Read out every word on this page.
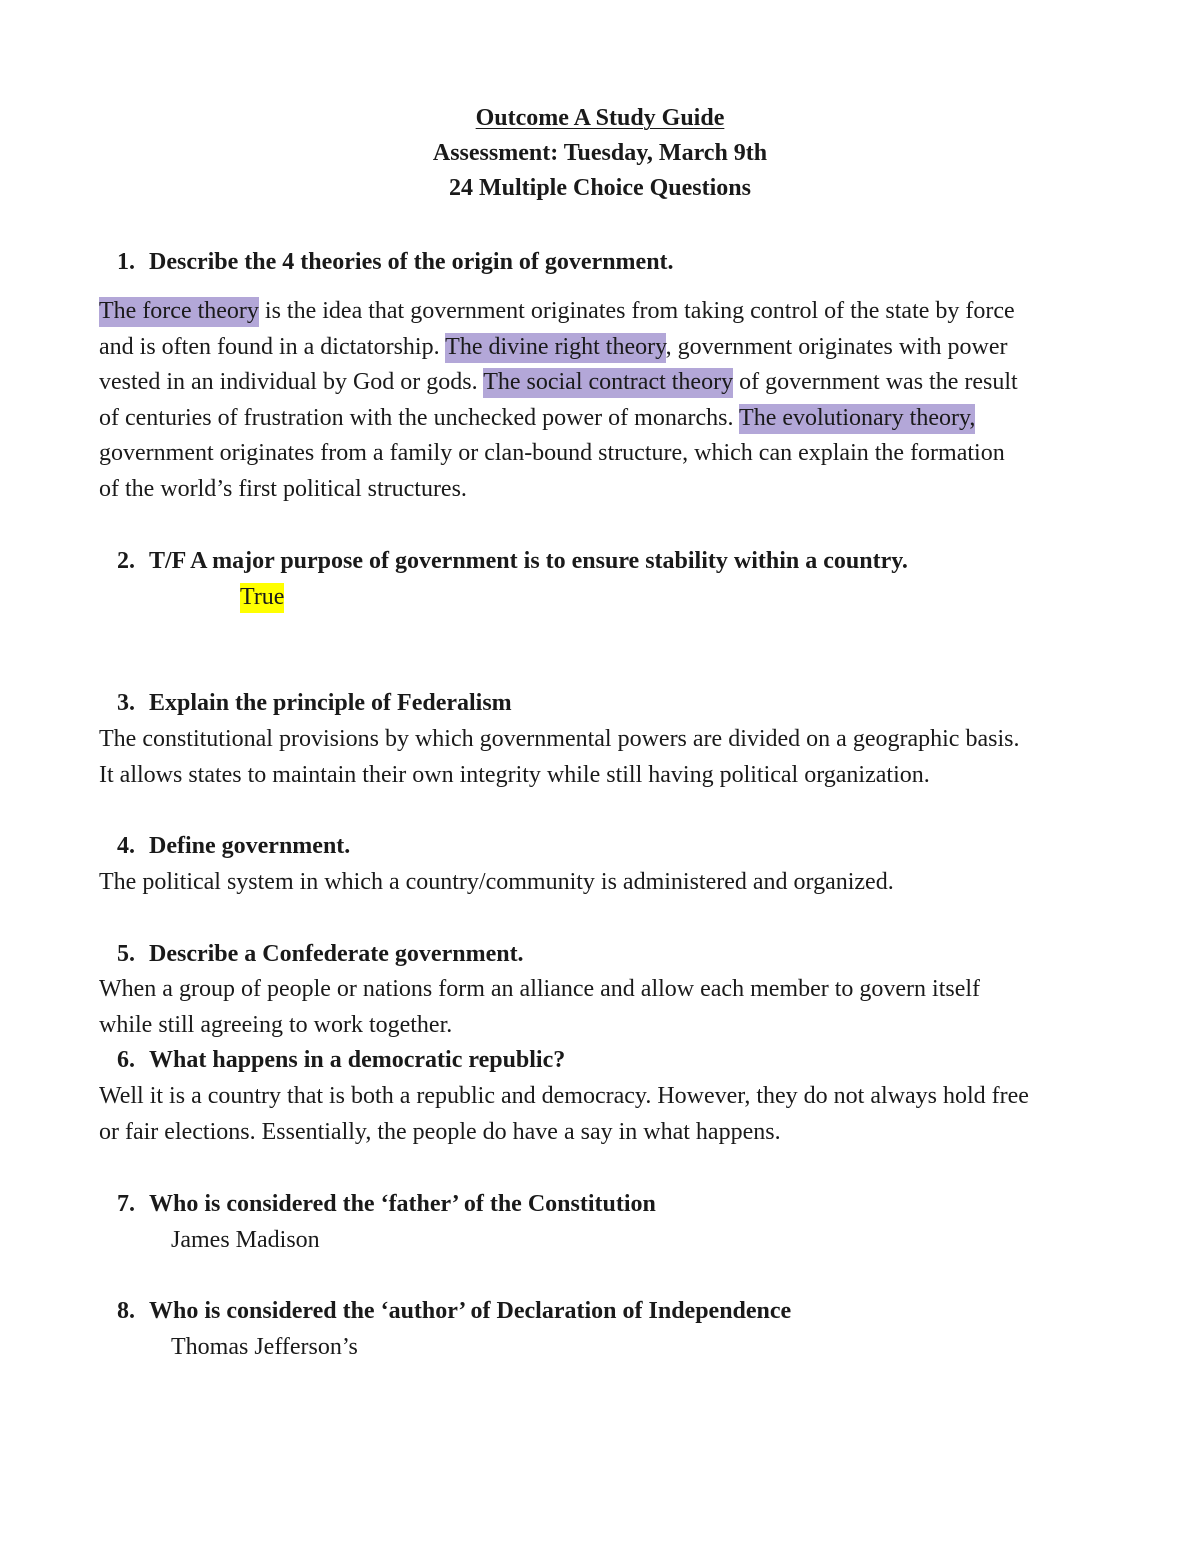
Outcome A Study Guide
Assessment: Tuesday, March 9th
24 Multiple Choice Questions
1. Describe the 4 theories of the origin of government.
The force theory is the idea that government originates from taking control of the state by force
and is often found in a dictatorship. The divine right theory, government originates with power
vested in an individual by God or gods. The social contract theory of government was the result
of centuries of frustration with the unchecked power of monarchs. The evolutionary theory,
government originates from a family or clan-bound structure, which can explain the formation
of the world’s first political structures.
2. T/F A major purpose of government is to ensure stability within a country.
True
3. Explain the principle of Federalism
The constitutional provisions by which governmental powers are divided on a geographic basis.
It allows states to maintain their own integrity while still having political organization.
4. Define government.
The political system in which a country/community is administered and organized.
5. Describe a Confederate government.
When a group of people or nations form an alliance and allow each member to govern itself
while still agreeing to work together.
6. What happens in a democratic republic?
Well it is a country that is both a republic and democracy. However, they do not always hold free
or fair elections. Essentially, the people do have a say in what happens.
7. Who is considered the ‘father’ of the Constitution
James Madison
8. Who is considered the ‘author’ of Declaration of Independence
Thomas Jefferson’s
